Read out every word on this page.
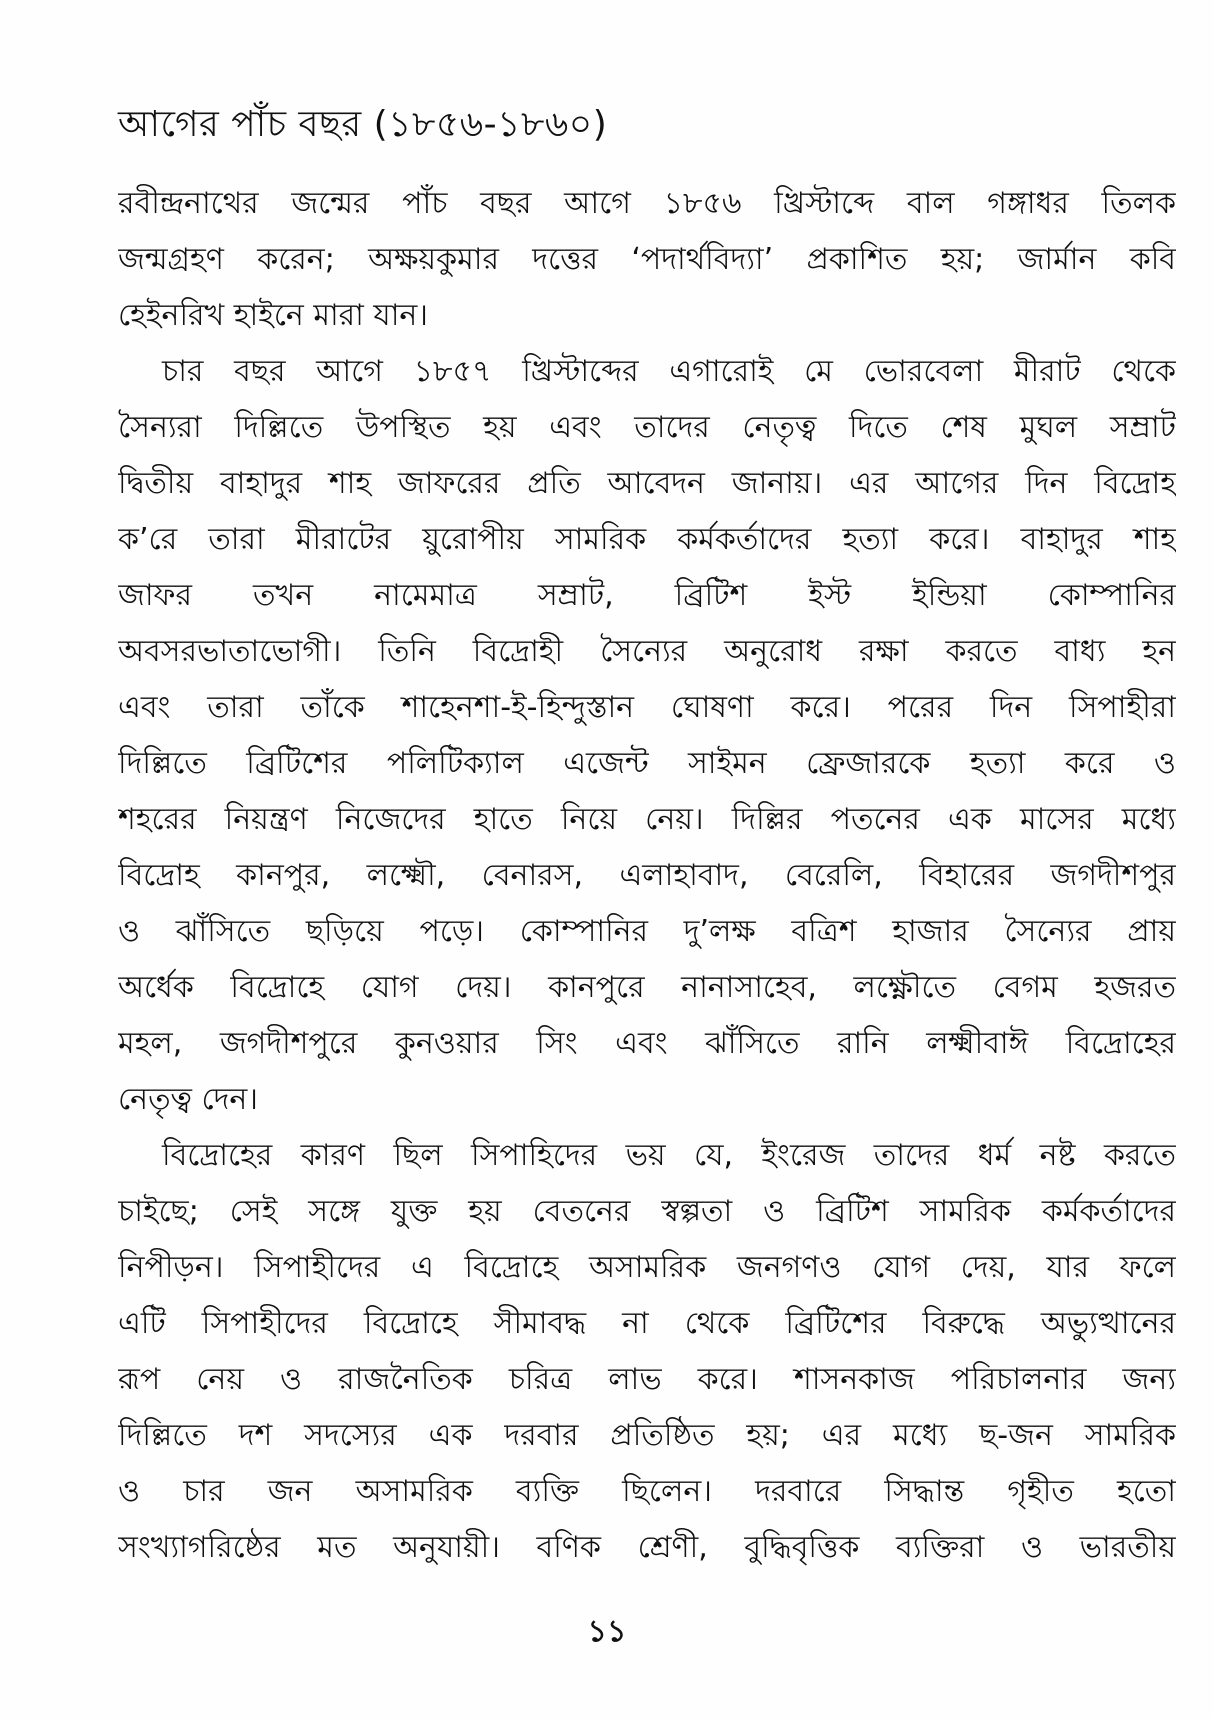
আগের পাঁচ বছর (১৮৫৬-১৮৬০)
রবীন্দ্রনাথের জন্মের পাঁচ বছর আগে ১৮৫৬ খ্রিস্টাব্দে বাল গঙ্গাধর তিলক
জন্মগ্রহণ করেন; অক্ষয়কুমার দত্তের ‘পদার্থবিদ্যা’ প্রকাশিত হয়; জার্মান কবি
হেইনরিখ হাইনে মারা যান।
চার বছর আগে ১৮৫৭ খ্রিস্টাব্দের এগারোই মে ভোরবেলা মীরাট থেকে
সৈন্যরা দিল্লিতে উপস্থিত হয় এবং তাদের নেতৃত্ব দিতে শেষ মুঘল সম্রাট
দ্বিতীয় বাহাদুর শাহ জাফরের প্রতি আবেদন জানায়। এর আগের দিন বিদ্রোহ
ক’রে তারা মীরাটের য়ুরোপীয় সামরিক কর্মকর্তাদের হত্যা করে। বাহাদুর শাহ
জাফর তখন নামেমাত্র সম্রাট, ব্রিটিশ ইস্ট ইন্ডিয়া কোম্পানির
অবসরভাতাভোগী। তিনি বিদ্রোহী সৈন্যের অনুরোধ রক্ষা করতে বাধ্য হন
এবং তারা তাঁকে শাহেনশা-ই-হিন্দুস্তান ঘোষণা করে। পরের দিন সিপাহীরা
দিল্লিতে ব্রিটিশের পলিটিক্যাল এজেন্ট সাইমন ফ্রেজারকে হত্যা করে ও
শহরের নিয়ন্ত্রণ নিজেদের হাতে নিয়ে নেয়। দিল্লির পতনের এক মাসের মধ্যে
বিদ্রোহ কানপুর, লক্ষ্মৌ, বেনারস, এলাহাবাদ, বেরেলি, বিহারের জগদীশপুর
ও ঝাঁসিতে ছড়িয়ে পড়ে। কোম্পানির দু’লক্ষ বত্রিশ হাজার সৈন্যের প্রায়
অর্ধেক বিদ্রোহে যোগ দেয়। কানপুরে নানাসাহেব, লক্ষ্ণৌতে বেগম হজরত
মহল, জগদীশপুরে কুনওয়ার সিং এবং ঝাঁসিতে রানি লক্ষ্মীবাঈ বিদ্রোহের
নেতৃত্ব দেন।
বিদ্রোহের কারণ ছিল সিপাহিদের ভয় যে, ইংরেজ তাদের ধর্ম নষ্ট করতে
চাইছে; সেই সঙ্গে যুক্ত হয় বেতনের স্বল্পতা ও ব্রিটিশ সামরিক কর্মকর্তাদের
নিপীড়ন। সিপাহীদের এ বিদ্রোহে অসামরিক জনগণও যোগ দেয়, যার ফলে
এটি সিপাহীদের বিদ্রোহে সীমাবদ্ধ না থেকে ব্রিটিশের বিরুদ্ধে অভ্যুত্থানের
রূপ নেয় ও রাজনৈতিক চরিত্র লাভ করে। শাসনকাজ পরিচালনার জন্য
দিল্লিতে দশ সদস্যের এক দরবার প্রতিষ্ঠিত হয়; এর মধ্যে ছ-জন সামরিক
ও চার জন অসামরিক ব্যক্তি ছিলেন। দরবারে সিদ্ধান্ত গৃহীত হতো
সংখ্যাগরিষ্ঠের মত অনুযায়ী। বণিক শ্রেণী, বুদ্ধিবৃত্তিক ব্যক্তিরা ও ভারতীয়
১১
